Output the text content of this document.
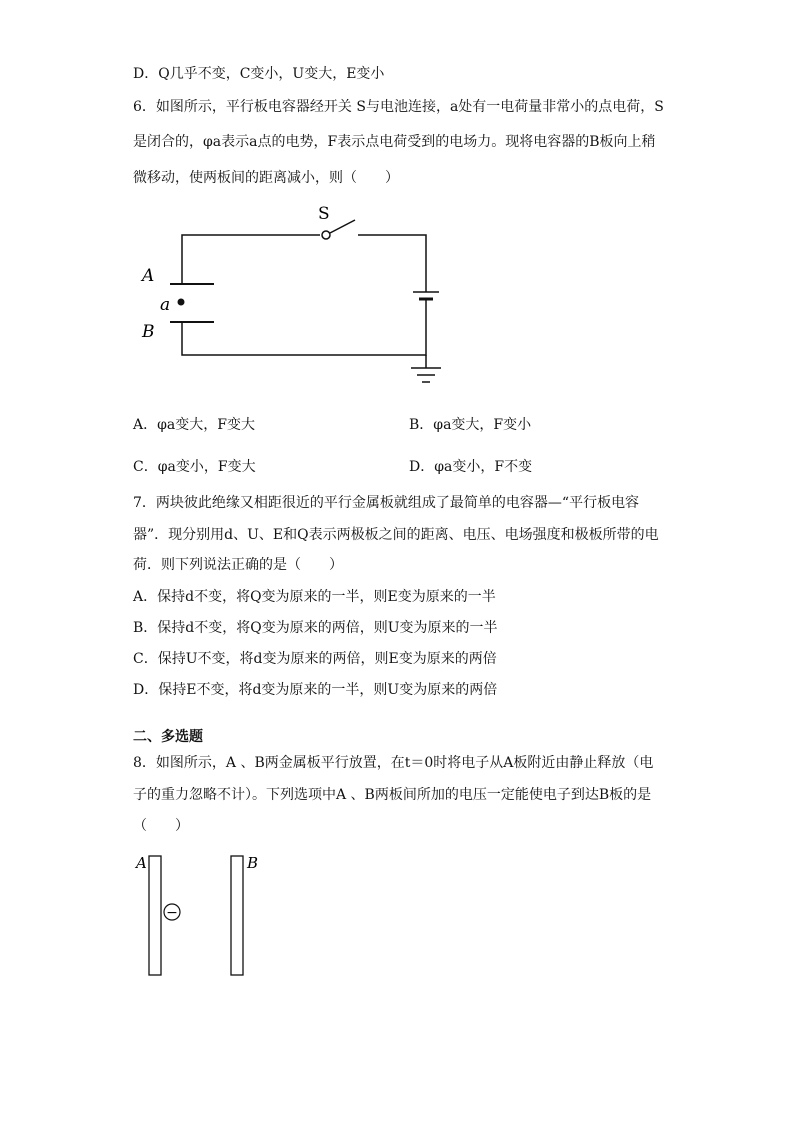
D．Q几乎不变，C变小，U变大，E变小
6．如图所示，平行板电容器经开关 S与电池连接，a处有一电荷量非常小的点电荷，S
是闭合的，φa表示a点的电势，F表示点电荷受到的电场力。现将电容器的B板向上稍
微移动，使两板间的距离减小，则（　　）
S
A
a
B
A．φa变大，F变大	B．φa变大，F变小
C．φa变小，F变大	D．φa变小，F不变
7．两块彼此绝缘又相距很近的平行金属板就组成了最简单的电容器—“平行板电容
器”．现分别用d、U、E和Q表示两极板之间的距离、电压、电场强度和极板所带的电
荷．则下列说法正确的是（　　）
A．保持d不变，将Q变为原来的一半，则E变为原来的一半
B．保持d不变，将Q变为原来的两倍，则U变为原来的一半
C．保持U不变，将d变为原来的两倍，则E变为原来的两倍
D．保持E不变，将d变为原来的一半，则U变为原来的两倍
二、多选题
8．如图所示，A 、B两金属板平行放置，在t＝0时将电子从A板附近由静止释放（电
子的重力忽略不计）。下列选项中A 、B两板间所加的电压一定能使电子到达B板的是
（　　）
−
A	B
